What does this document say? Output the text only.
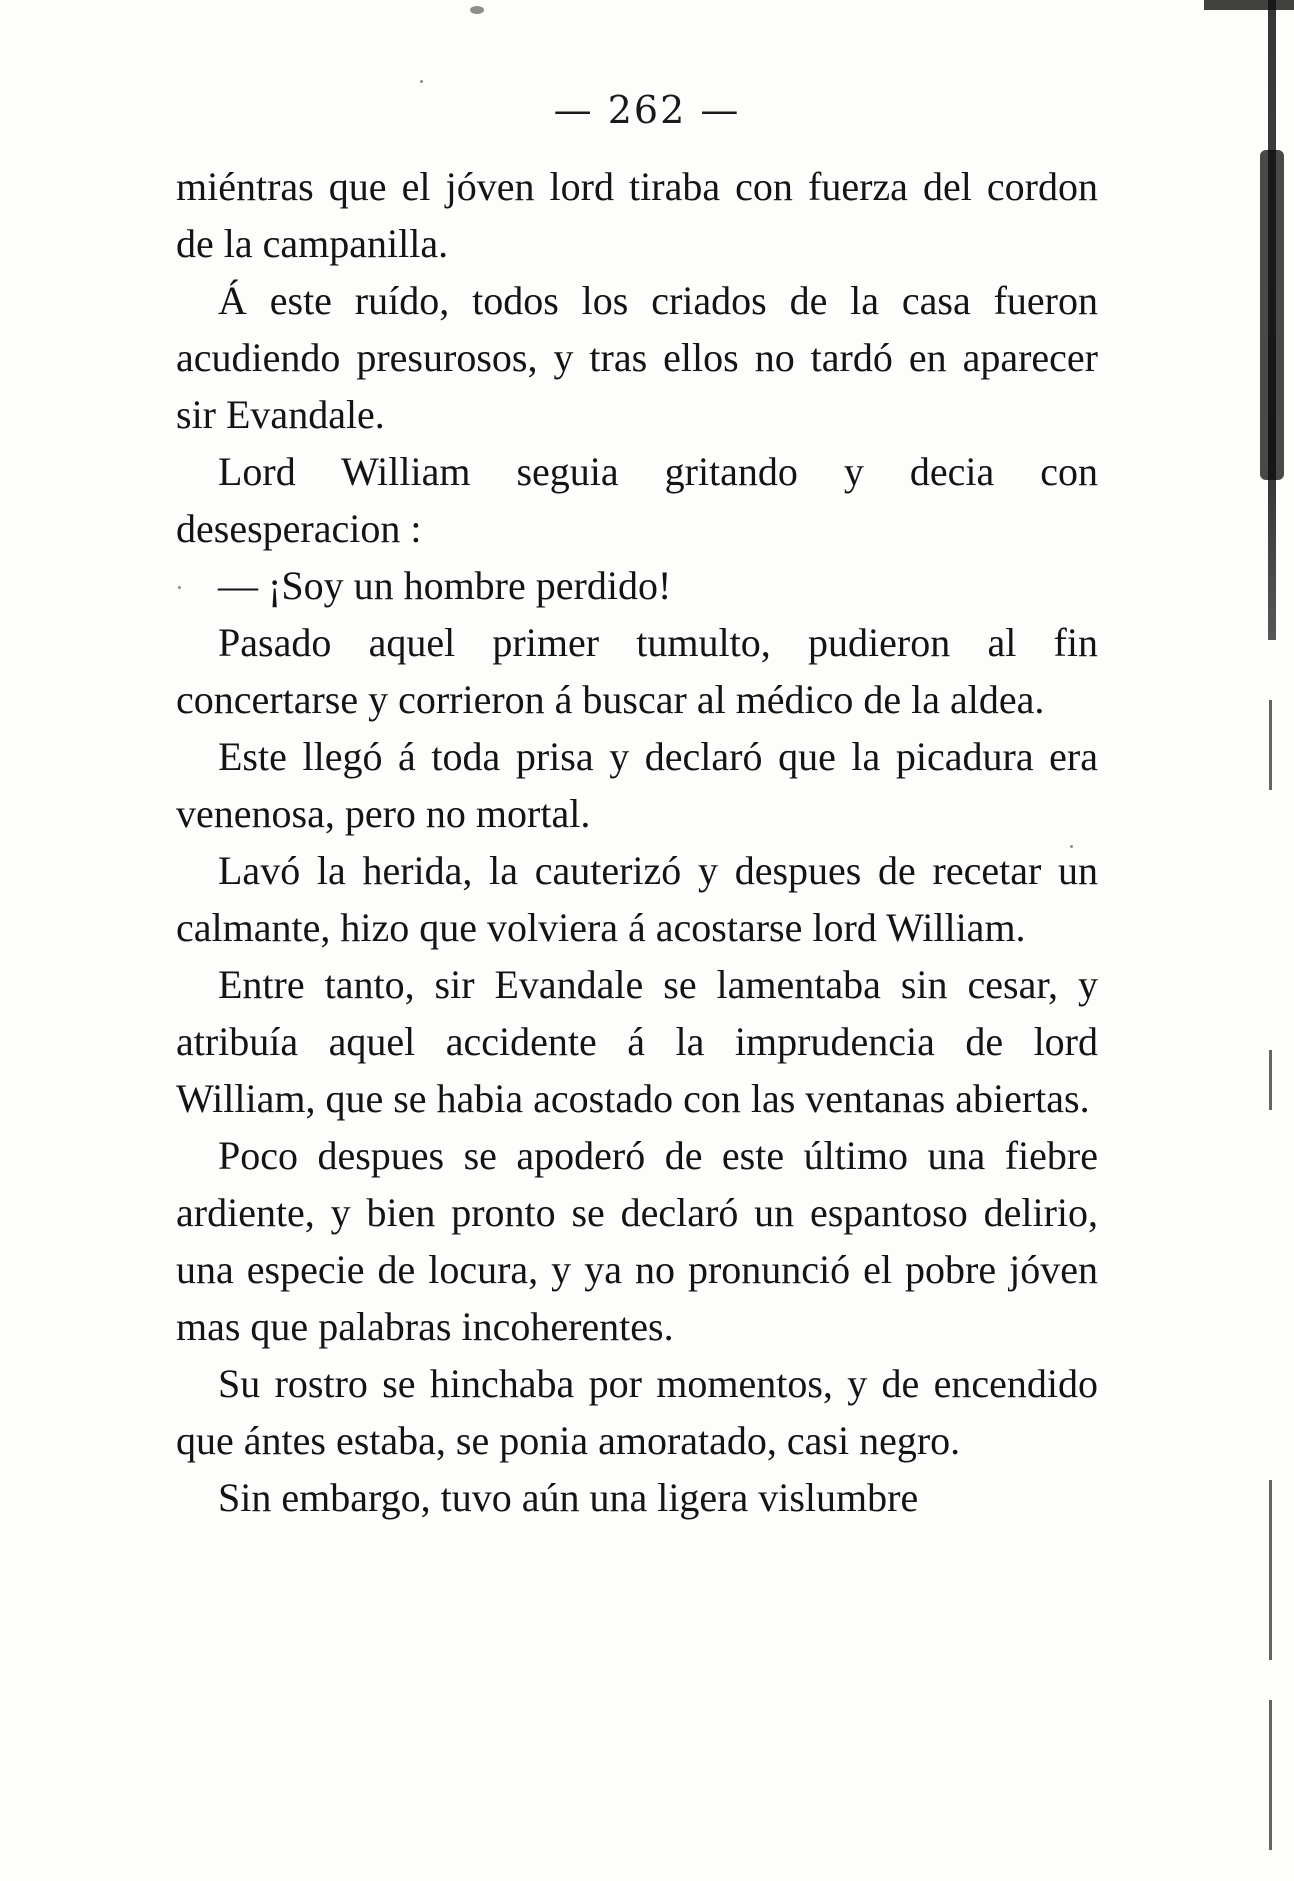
— 262 —

miéntras que el jóven lord tiraba con fuerza del cordon de la campanilla.

Á este ruído, todos los criados de la casa fueron acudiendo presurosos, y tras ellos no tardó en aparecer sir Evandale.

Lord William seguia gritando y decia con desesperacion :

— ¡Soy un hombre perdido!

Pasado aquel primer tumulto, pudieron al fin concertarse y corrieron á buscar al médico de la aldea.

Este llegó á toda prisa y declaró que la picadura era venenosa, pero no mortal.

Lavó la herida, la cauterizó y despues de recetar un calmante, hizo que volviera á acostarse lord William.

Entre tanto, sir Evandale se lamentaba sin cesar, y atribuía aquel accidente á la imprudencia de lord William, que se habia acostado con las ventanas abiertas.

Poco despues se apoderó de este último una fiebre ardiente, y bien pronto se declaró un espantoso delirio, una especie de locura, y ya no pronunció el pobre jóven mas que palabras incoherentes.

Su rostro se hinchaba por momentos, y de encendido que ántes estaba, se ponia amoratado, casi negro.

Sin embargo, tuvo aún una ligera vislumbre
